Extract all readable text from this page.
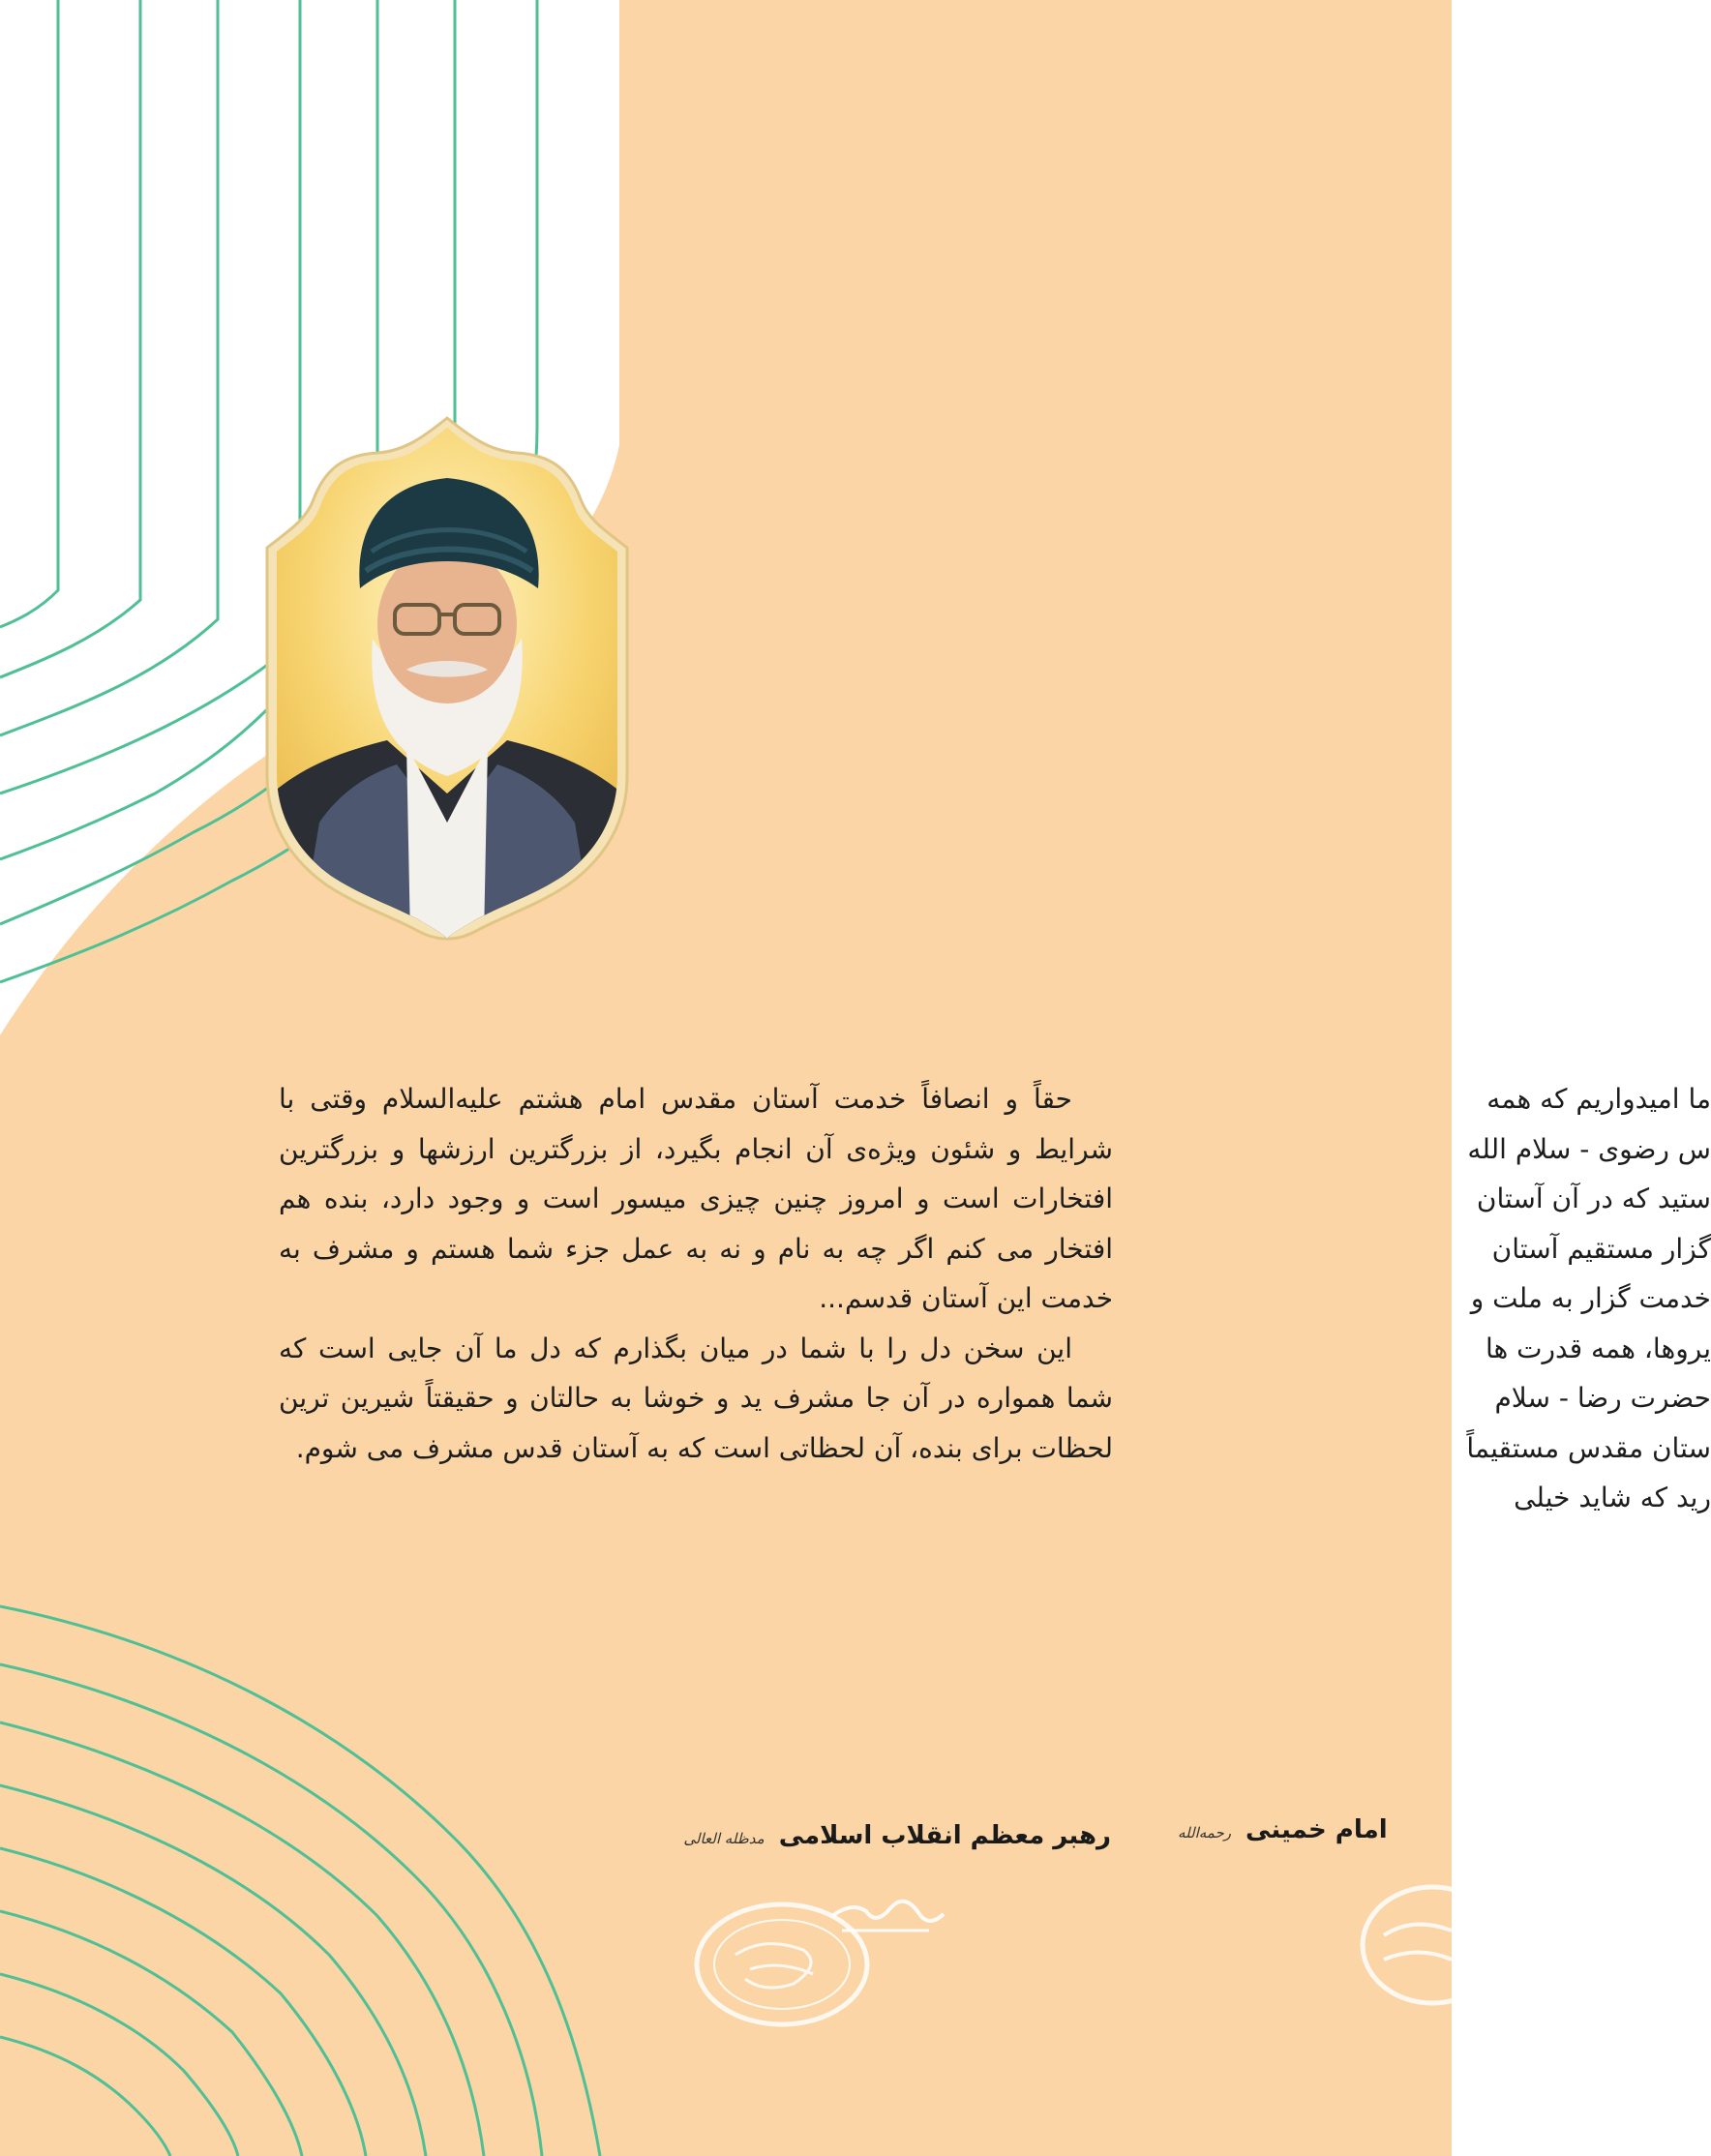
حقاً و انصافاً خدمت آستان مقدس امام هشتم علیه‌السلام وقتی با شرایط و شئون ویژه‌ی آن انجام بگیرد، از بزرگترین ارزشها و بزرگترین افتخارات است و امروز چنین چیزی میسور است و وجود دارد، بنده هم افتخار می کنم اگر چه به نام و نه به عمل جزء شما هستم و مشرف به خدمت این آستان قدسم...

این سخن دل را با شما در میان بگذارم که دل ما آن جایی است که شما همواره در آن جا مشرف ید و خوشا به حالتان و حقیقتاً شیرین ترین لحظات برای بنده، آن لحظاتی است که به آستان قدس مشرف می شوم.

ما امیدواریم که همه
س رضوی - سلام الله
ستید که در آن آستان
گزار مستقیم آستان
خدمت گزار به ملت و
ِیروها، همه قدرت ها
حضرت رضا - سلام
ستان مقدس مستقیماً
رید که شاید خیلی
رهبر معظم انقلاب اسلامی مدظله العالی	امام خمینی رحمه‌الله
